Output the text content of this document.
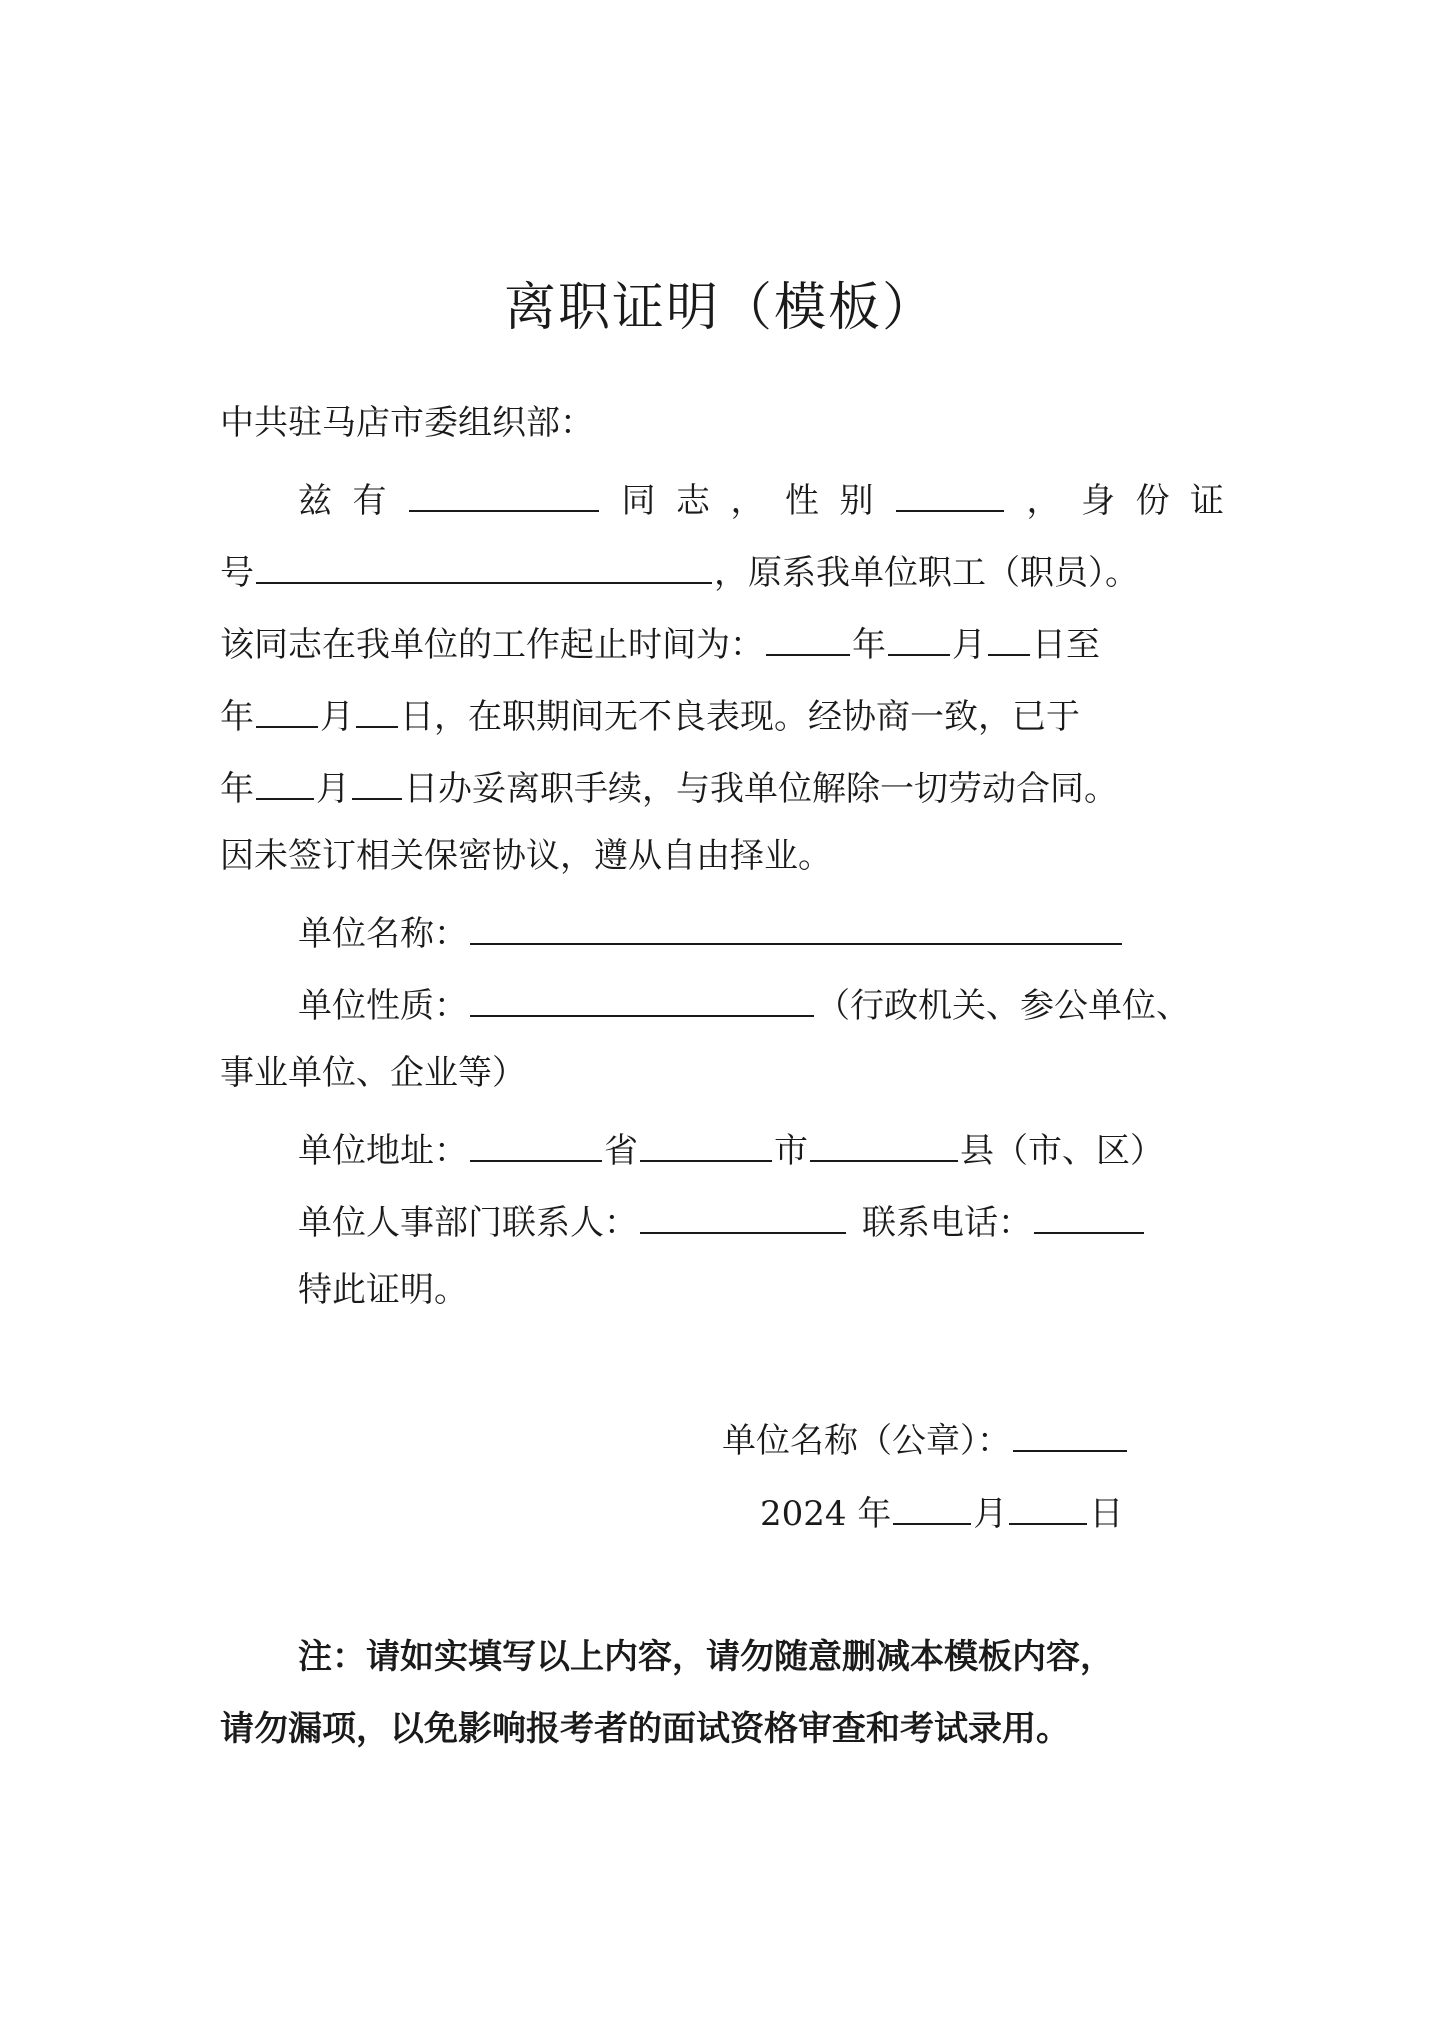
离职证明（模板）
中共驻马店市委组织部：
兹 有	同 志 ， 性 别	， 身 份 证
号	，原系我单位职工（职员）。
该同志在我单位的工作起止时间为：	年 月 日至
年 月 日，在职期间无不良表现。经协商一致，已于
年 月 日办妥离职手续，与我单位解除一切劳动合同。
因未签订相关保密协议，遵从自由择业。
单位名称：
单位性质：	（行政机关、参公单位、
事业单位、企业等）
单位地址：	省	市	县（市、区）
单位人事部门联系人：	联系电话：
特此证明。
单位名称（公章）：
2024 年 月 日
注：请如实填写以上内容，请勿随意删减本模板内容，
请勿漏项，以免影响报考者的面试资格审查和考试录用。
